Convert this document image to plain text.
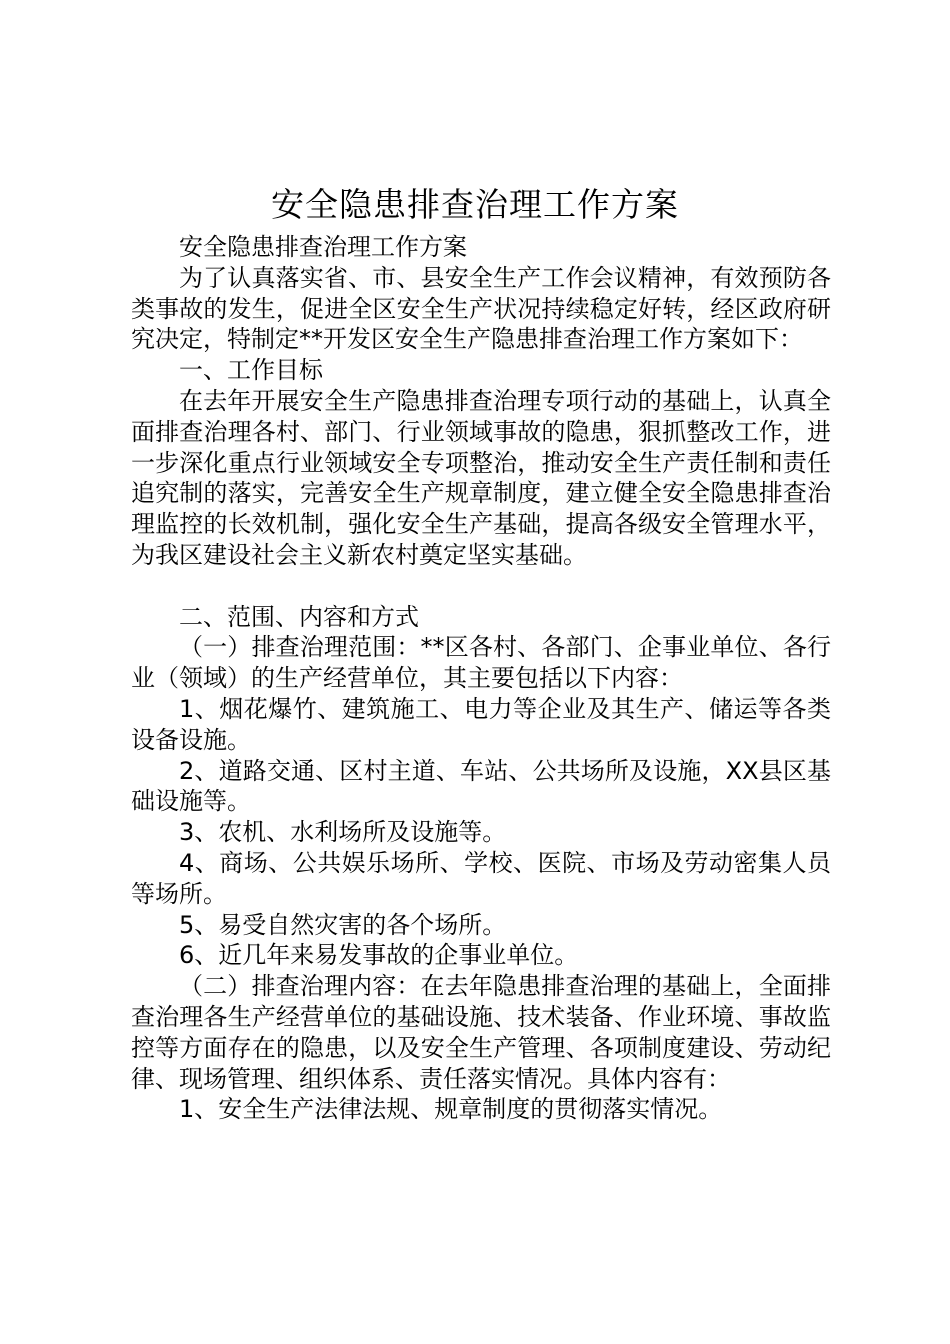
安全隐患排查治理工作方案

安全隐患排查治理工作方案

为了认真落实省、市、县安全生产工作会议精神，有效预防各类事故的发生，促进全区安全生产状况持续稳定好转，经区政府研究决定，特制定**开发区安全生产隐患排查治理工作方案如下：

一、工作目标

在去年开展安全生产隐患排查治理专项行动的基础上，认真全面排查治理各村、部门、行业领域事故的隐患，狠抓整改工作，进一步深化重点行业领域安全专项整治，推动安全生产责任制和责任追究制的落实，完善安全生产规章制度，建立健全安全隐患排查治理监控的长效机制，强化安全生产基础，提高各级安全管理水平，为我区建设社会主义新农村奠定坚实基础。

二、范围、内容和方式

（一）排查治理范围：**区各村、各部门、企事业单位、各行业（领域）的生产经营单位，其主要包括以下内容：

1、烟花爆竹、建筑施工、电力等企业及其生产、储运等各类设备设施。

2、道路交通、区村主道、车站、公共场所及设施，XX县区基础设施等。

3、农机、水利场所及设施等。

4、商场、公共娱乐场所、学校、医院、市场及劳动密集人员等场所。

5、易受自然灾害的各个场所。

6、近几年来易发事故的企事业单位。

（二）排查治理内容：在去年隐患排查治理的基础上，全面排查治理各生产经营单位的基础设施、技术装备、作业环境、事故监控等方面存在的隐患，以及安全生产管理、各项制度建设、劳动纪律、现场管理、组织体系、责任落实情况。具体内容有：

1、安全生产法律法规、规章制度的贯彻落实情况。
